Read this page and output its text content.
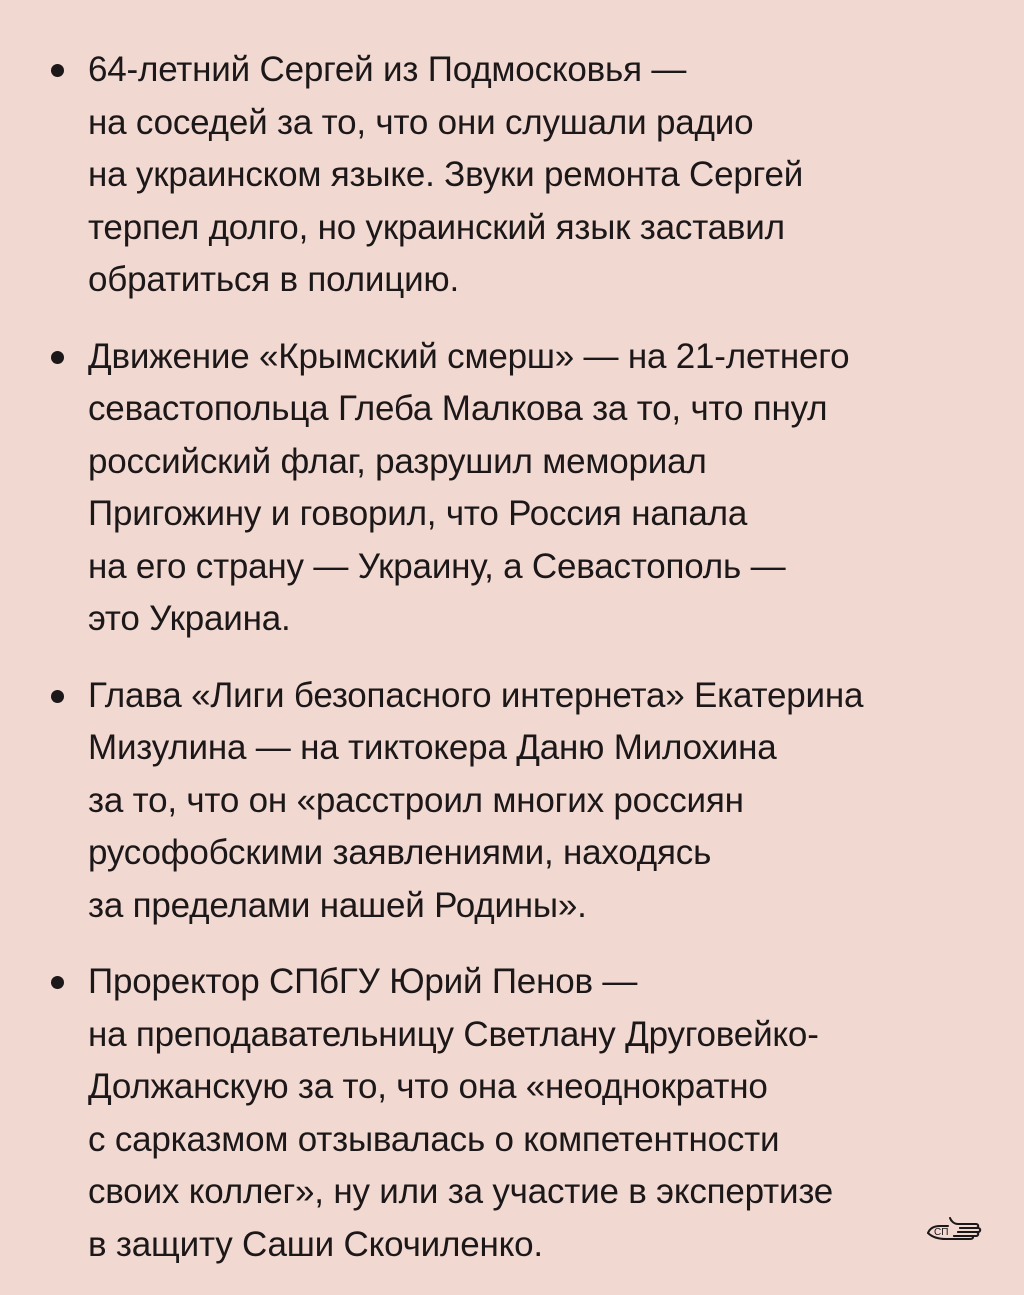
64-летний Сергей из Подмосковья —
на соседей за то, что они слушали радио
на украинском языке. Звуки ремонта Сергей
терпел долго, но украинский язык заставил
обратиться в полицию.
Движение «Крымский смерш» — на 21-летнего
севастопольца Глеба Малкова за то, что пнул
российский флаг, разрушил мемориал
Пригожину и говорил, что Россия напала
на его страну — Украину, а Севастополь —
это Украина.
Глава «Лиги безопасного интернета» Екатерина
Мизулина — на тиктокера Даню Милохина
за то, что он «расстроил многих россиян
русофобскими заявлениями, находясь
за пределами нашей Родины».
Проректор СПбГУ Юрий Пенов —
на преподавательницу Светлану Друговейко-
Должанскую за то, что она «неоднократно
с сарказмом отзывалась о компетентности
своих коллег», ну или за участие в экспертизе
в защиту Саши Скочиленко.	СП
